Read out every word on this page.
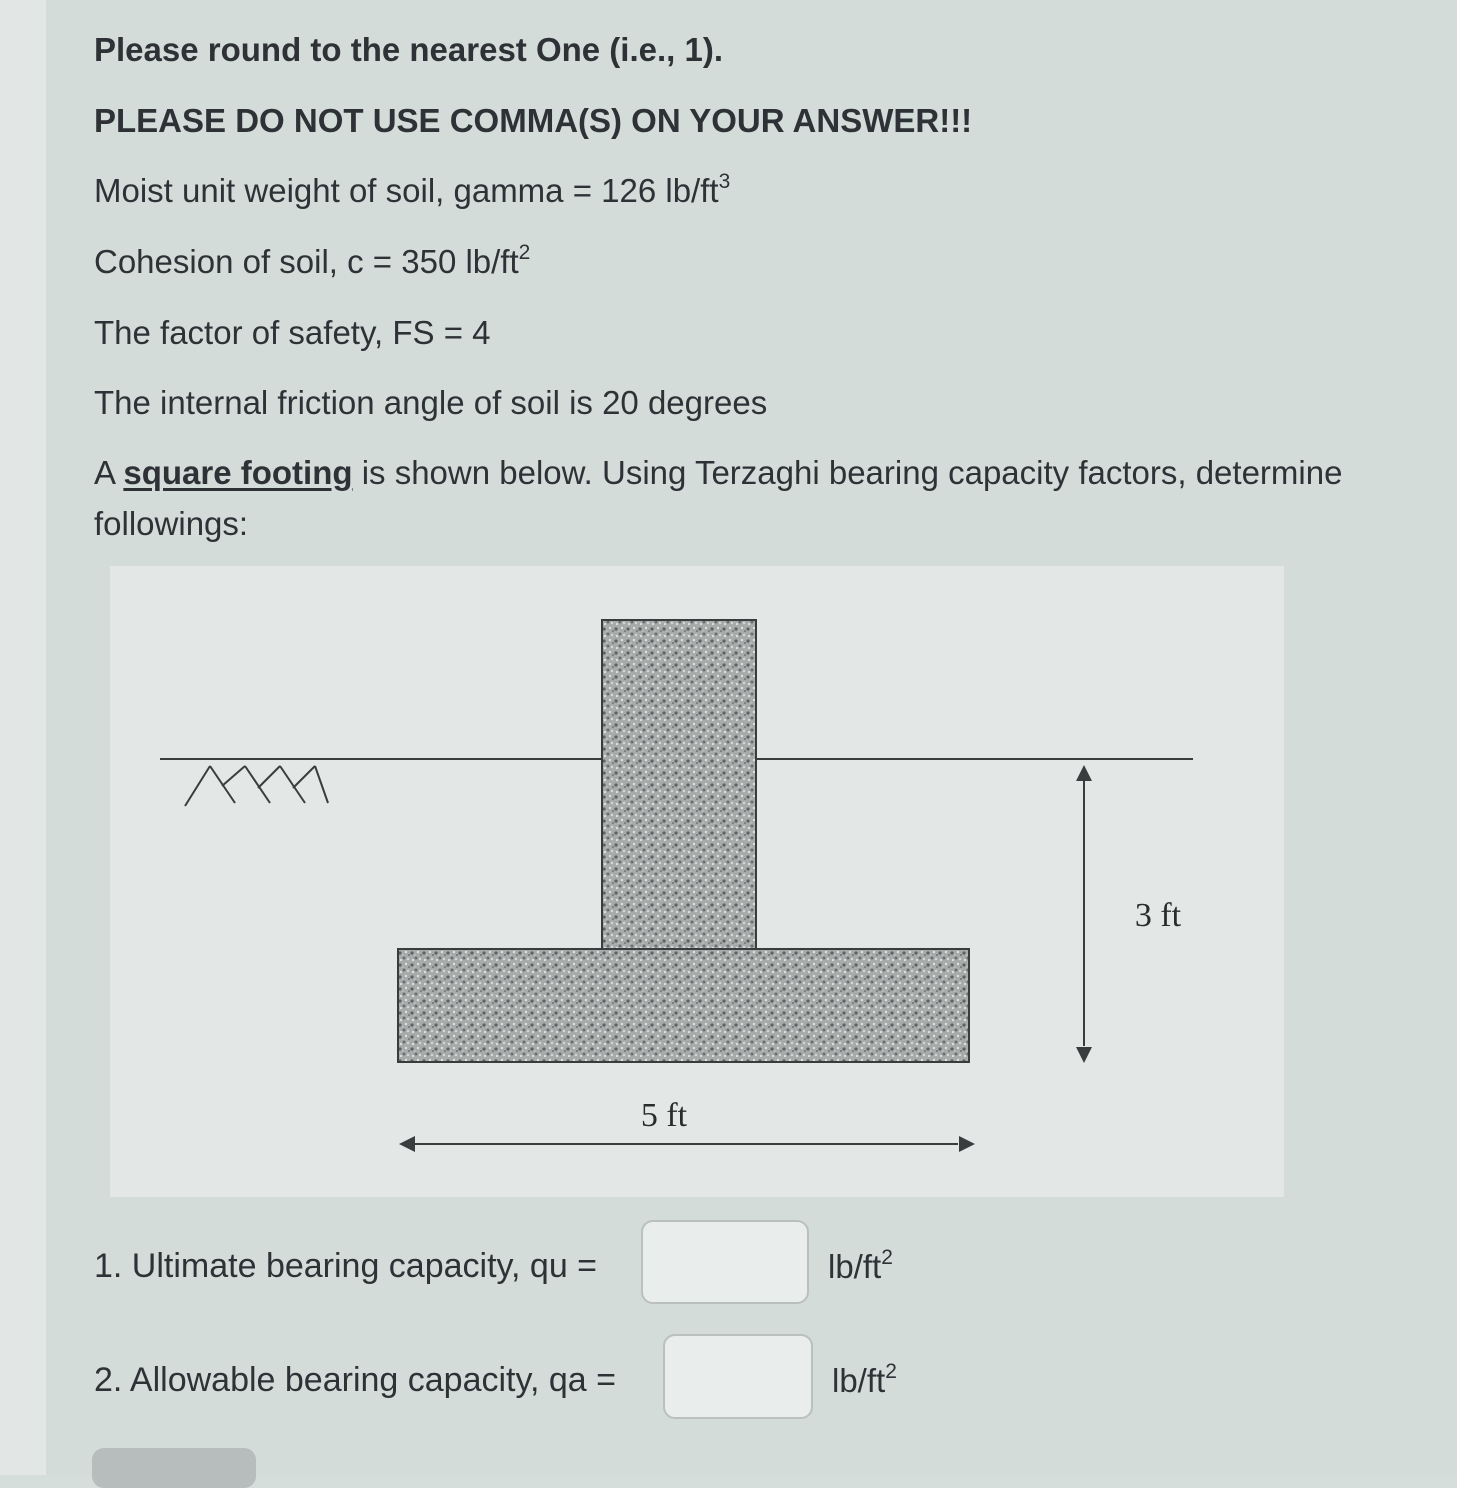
Please round to the nearest One (i.e., 1).
PLEASE DO NOT USE COMMA(S) ON YOUR ANSWER!!!
Moist unit weight of soil, gamma = 126 $lb/ft^3$
Cohesion of soil, c = 350 $lb/ft^2$
The factor of safety, FS = 4
The internal friction angle of soil is 20 degrees
A square footing is shown below. Using Terzaghi bearing capacity factors, determine
followings:
3 ft
5 ft
1. Ultimate bearing capacity, qu =	$lb/ft^2$
2. Allowable bearing capacity, qa =	$lb/ft^2$
